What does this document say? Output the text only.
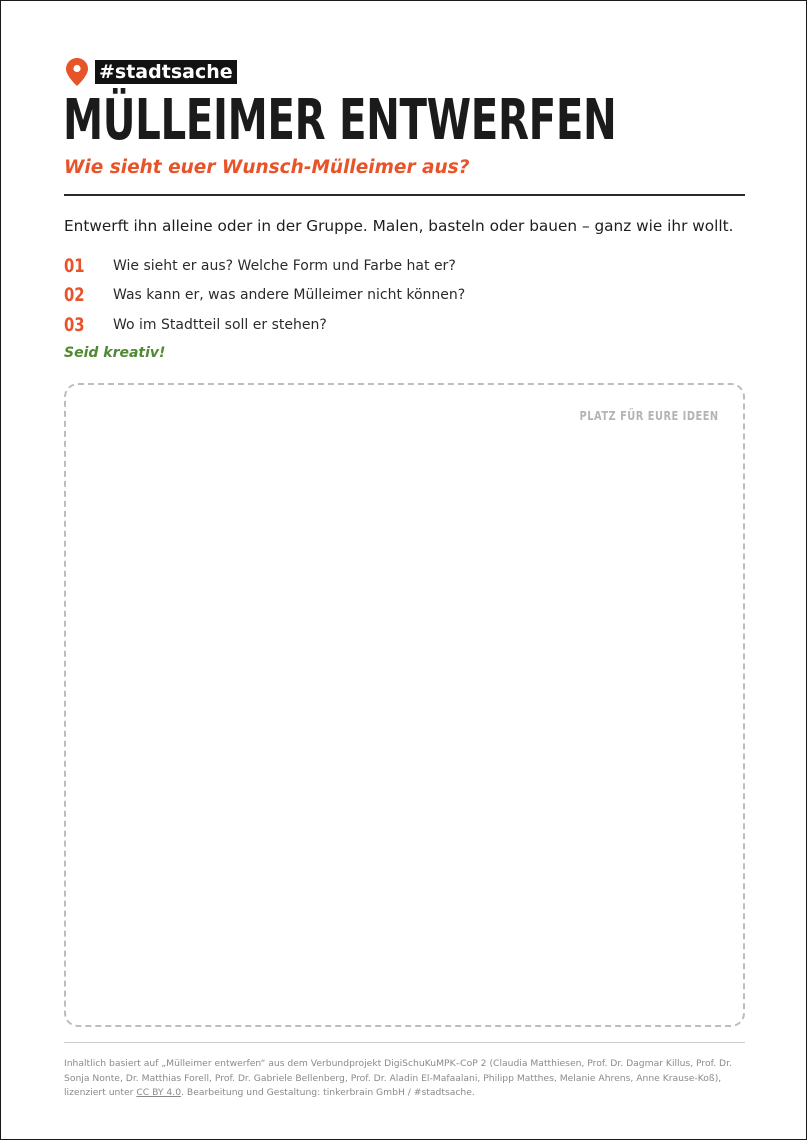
#stadtsache
MÜLLEIMER ENTWERFEN

Wie sieht euer Wunsch-Mülleimer aus?

Entwerft ihn alleine oder in der Gruppe. Malen, basteln oder bauen – ganz wie ihr wollt.

01	Wie sieht er aus? Welche Form und Farbe hat er?
02	Was kann er, was andere Mülleimer nicht können?
03	Wo im Stadtteil soll er stehen?

Seid kreativ!

PLATZ FÜR EURE IDEEN

Inhaltlich basiert auf „Mülleimer entwerfen“ aus dem Verbundprojekt DigiSchuKuMPK–CoP 2 (Claudia Matthiesen, Prof. Dr. Dagmar Killus, Prof. Dr. Sonja Nonte, Dr. Matthias Forell, Prof. Dr. Gabriele Bellenberg, Prof. Dr. Aladin El-Mafaalani, Philipp Matthes, Melanie Ahrens, Anne Krause-Koß), lizenziert unter CC BY 4.0. Bearbeitung und Gestaltung: tinkerbrain GmbH / #stadtsache.
